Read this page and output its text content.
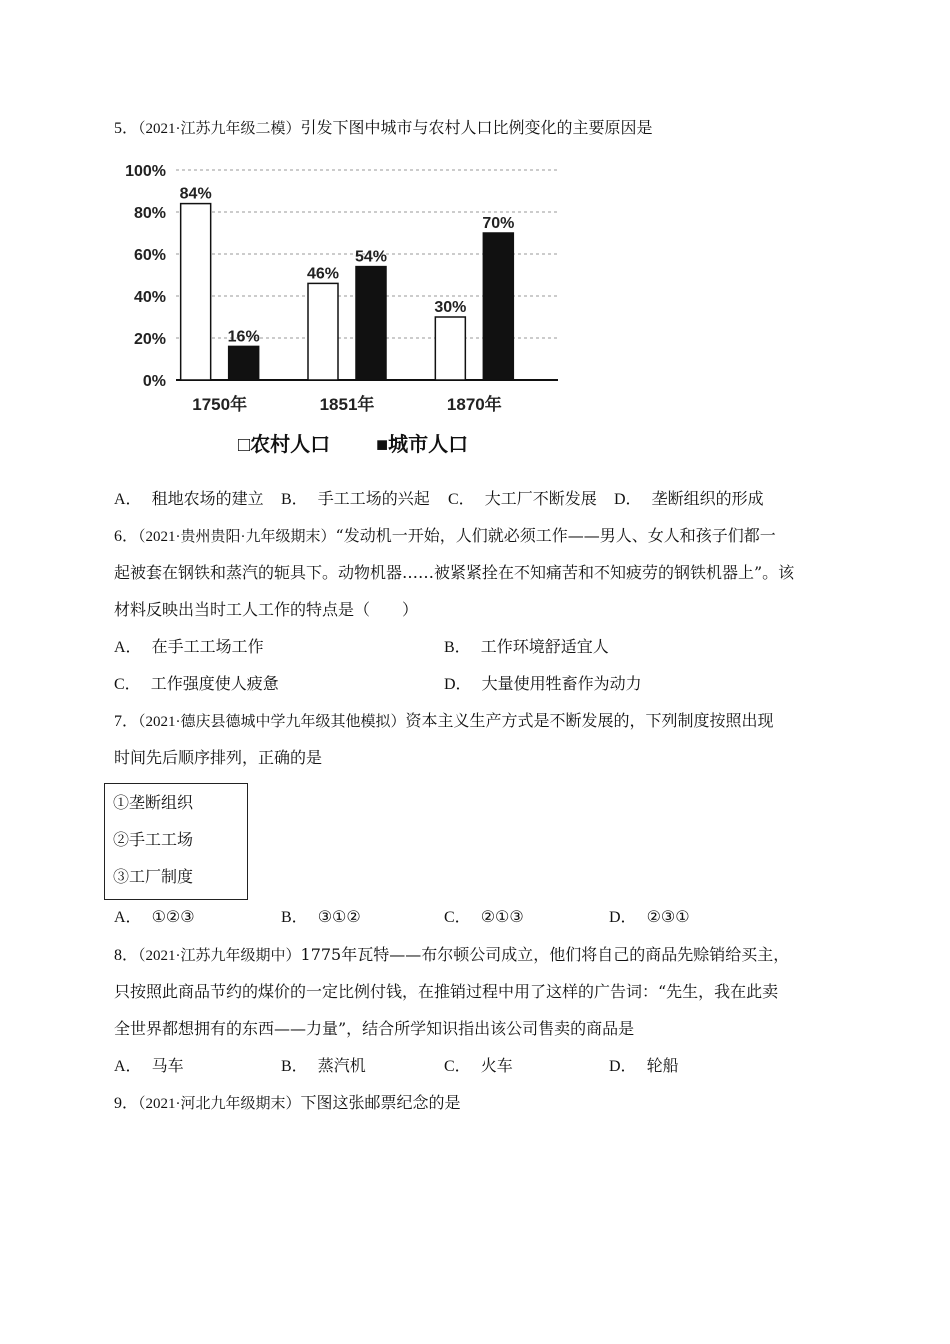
5．（2021·江苏九年级二模）引发下图中城市与农村人口比例变化的主要原因是
0%
20%
40%
60%
80%
100%
84%
16%
46%
54%
30%
70%
1750年	1851年	1870年
□农村人口 ■城市人口
A． 租地农场的建立 B． 手工工场的兴起 C． 大工厂不断发展 D． 垄断组织的形成
6．（2021·贵州贵阳·九年级期末）“发动机一开始，人们就必须工作——男人、女人和孩子们都一
起被套在钢铁和蒸汽的轭具下。动物机器……被紧紧拴在不知痛苦和不知疲劳的钢铁机器上”。该
材料反映出当时工人工作的特点是（　　）
A． 在手工工场工作	B． 工作环境舒适宜人
C． 工作强度使人疲惫	D． 大量使用牲畜作为动力
7．（2021·德庆县德城中学九年级其他模拟）资本主义生产方式是不断发展的，下列制度按照出现
时间先后顺序排列，正确的是
①垄断组织
②手工工场
③工厂制度
A． ①②③	B． ③①②	C． ②①③	D． ②③①
8．（2021·江苏九年级期中）1775年瓦特——布尔顿公司成立，他们将自己的商品先赊销给买主，
只按照此商品节约的煤价的一定比例付钱，在推销过程中用了这样的广告词：“先生，我在此卖
全世界都想拥有的东西——力量”，结合所学知识指出该公司售卖的商品是
A． 马车	B． 蒸汽机	C． 火车	D． 轮船
9．（2021·河北九年级期末）下图这张邮票纪念的是
